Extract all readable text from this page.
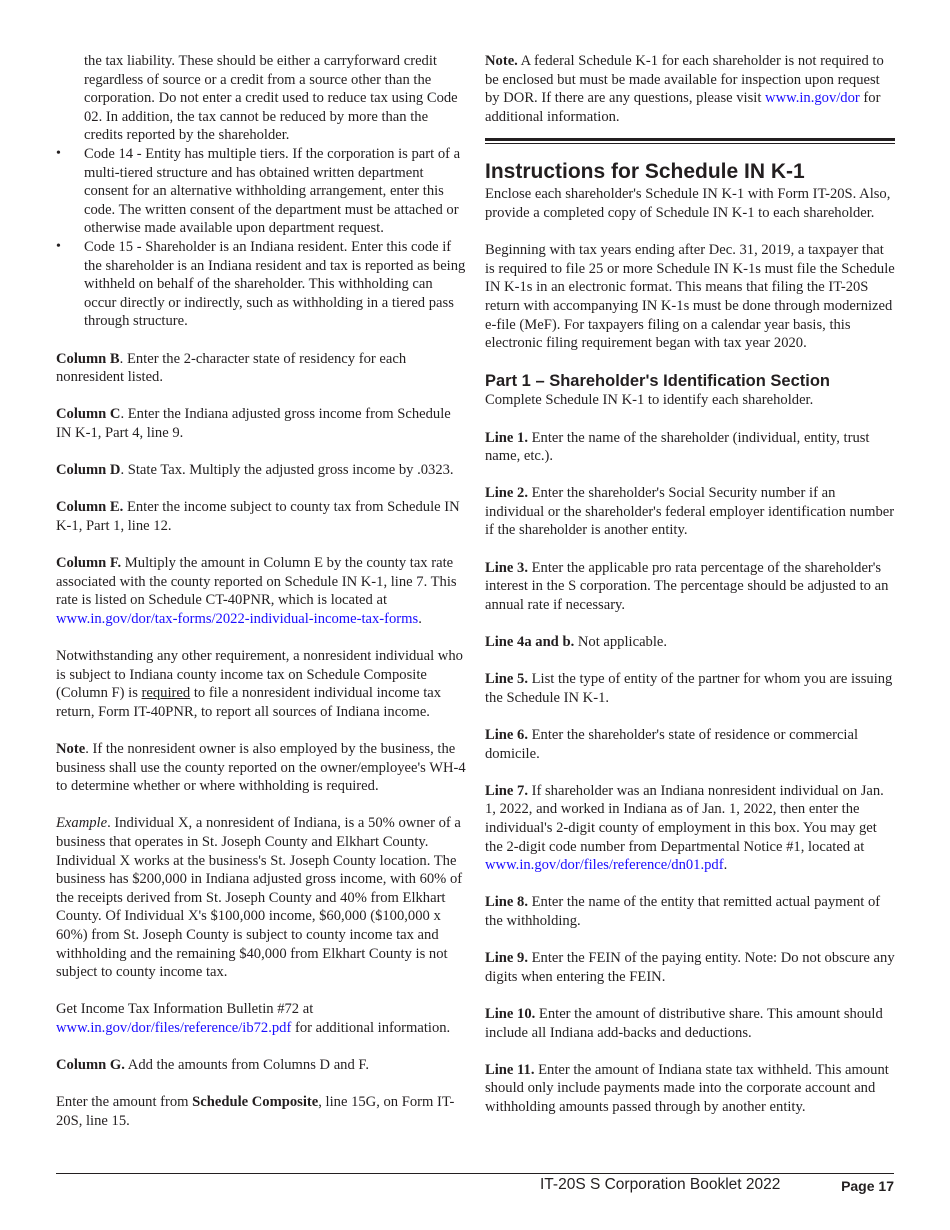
the tax liability. These should be either a carryforward credit regardless of source or a credit from a source other than the corporation. Do not enter a credit used to reduce tax using Code 02. In addition, the tax cannot be reduced by more than the credits reported by the shareholder.
• Code 14 - Entity has multiple tiers. If the corporation is part of a multi-tiered structure and has obtained written department consent for an alternative withholding arrangement, enter this code. The written consent of the department must be attached or otherwise made available upon department request.
• Code 15 - Shareholder is an Indiana resident. Enter this code if the shareholder is an Indiana resident and tax is reported as being withheld on behalf of the shareholder. This withholding can occur directly or indirectly, such as withholding in a tiered pass through structure.

Column B. Enter the 2-character state of residency for each nonresident listed.

Column C. Enter the Indiana adjusted gross income from Schedule IN K-1, Part 4, line 9.

Column D. State Tax. Multiply the adjusted gross income by .0323.

Column E. Enter the income subject to county tax from Schedule IN K-1, Part 1, line 12.

Column F. Multiply the amount in Column E by the county tax rate associated with the county reported on Schedule IN K-1, line 7. This rate is listed on Schedule CT-40PNR, which is located at www.in.gov/dor/tax-forms/2022-individual-income-tax-forms.

Notwithstanding any other requirement, a nonresident individual who is subject to Indiana county income tax on Schedule Composite (Column F) is required to file a nonresident individual income tax return, Form IT-40PNR, to report all sources of Indiana income.

Note. If the nonresident owner is also employed by the business, the business shall use the county reported on the owner/employee's WH-4 to determine whether or where withholding is required.

Example. Individual X, a nonresident of Indiana, is a 50% owner of a business that operates in St. Joseph County and Elkhart County. Individual X works at the business's St. Joseph County location. The business has $200,000 in Indiana adjusted gross income, with 60% of the receipts derived from St. Joseph County and 40% from Elkhart County. Of Individual X's $100,000 income, $60,000 ($100,000 x 60%) from St. Joseph County is subject to county income tax and withholding and the remaining $40,000 from Elkhart County is not subject to county income tax.

Get Income Tax Information Bulletin #72 at www.in.gov/dor/files/reference/ib72.pdf for additional information.

Column G. Add the amounts from Columns D and F.

Enter the amount from Schedule Composite, line 15G, on Form IT-20S, line 15.

Note. A federal Schedule K-1 for each shareholder is not required to be enclosed but must be made available for inspection upon request by DOR. If there are any questions, please visit www.in.gov/dor for additional information.

Instructions for Schedule IN K-1

Enclose each shareholder's Schedule IN K-1 with Form IT-20S. Also, provide a completed copy of Schedule IN K-1 to each shareholder.

Beginning with tax years ending after Dec. 31, 2019, a taxpayer that is required to file 25 or more Schedule IN K-1s must file the Schedule IN K-1s in an electronic format. This means that filing the IT-20S return with accompanying IN K-1s must be done through modernized e-file (MeF). For taxpayers filing on a calendar year basis, this electronic filing requirement began with tax year 2020.

Part 1 – Shareholder's Identification Section

Complete Schedule IN K-1 to identify each shareholder.

Line 1. Enter the name of the shareholder (individual, entity, trust name, etc.).

Line 2. Enter the shareholder's Social Security number if an individual or the shareholder's federal employer identification number if the shareholder is another entity.

Line 3. Enter the applicable pro rata percentage of the shareholder's interest in the S corporation. The percentage should be adjusted to an annual rate if necessary.

Line 4a and b. Not applicable.

Line 5. List the type of entity of the partner for whom you are issuing the Schedule IN K-1.

Line 6. Enter the shareholder's state of residence or commercial domicile.

Line 7. If shareholder was an Indiana nonresident individual on Jan. 1, 2022, and worked in Indiana as of Jan. 1, 2022, then enter the individual's 2-digit county of employment in this box. You may get the 2-digit code number from Departmental Notice #1, located at www.in.gov/dor/files/reference/dn01.pdf.

Line 8. Enter the name of the entity that remitted actual payment of the withholding.

Line 9. Enter the FEIN of the paying entity. Note: Do not obscure any digits when entering the FEIN.

Line 10. Enter the amount of distributive share. This amount should include all Indiana add-backs and deductions.

Line 11. Enter the amount of Indiana state tax withheld. This amount should only include payments made into the corporate account and withholding amounts passed through by another entity.

IT-20S S Corporation Booklet 2022	Page 17
